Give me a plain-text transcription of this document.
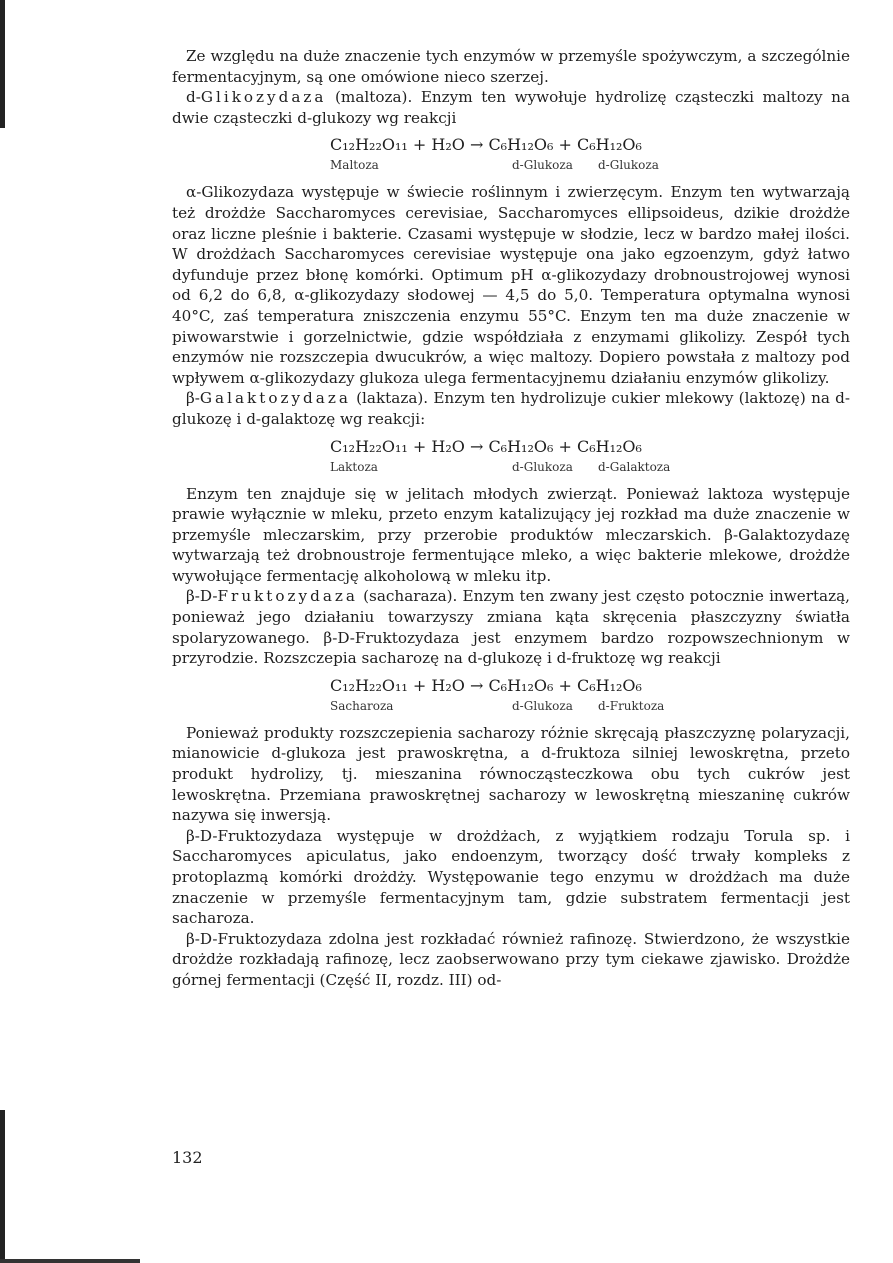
Ze względu na duże znaczenie tych enzymów w przemyśle spożywczym, a szczególnie fermentacyjnym, są one omówione nieco szerzej.

d-Glikozydaza (maltoza). Enzym ten wywołuje hydrolizę cząsteczki maltozy na dwie cząsteczki d-glukozy wg reakcji

C₁₂H₂₂O₁₁ + H₂O → C₆H₁₂O₆ + C₆H₁₂O₆
Maltoza	d-Glukoza d-Glukoza

α-Glikozydaza występuje w świecie roślinnym i zwierzęcym. Enzym ten wytwarzają też drożdże Saccharomyces cerevisiae, Saccharomyces ellipsoideus, dzikie drożdże oraz liczne pleśnie i bakterie. Czasami występuje w słodzie, lecz w bardzo małej ilości. W drożdżach Saccharomyces cerevisiae występuje ona jako egzoenzym, gdyż łatwo dyfunduje przez błonę komórki. Optimum pH α-glikozydazy drobnoustrojowej wynosi od 6,2 do 6,8, α-glikozydazy słodowej — 4,5 do 5,0. Temperatura optymalna wynosi 40°C, zaś temperatura zniszczenia enzymu 55°C. Enzym ten ma duże znaczenie w piwowarstwie i gorzelnictwie, gdzie współdziała z enzymami glikolizy. Zespół tych enzymów nie rozszczepia dwucukrów, a więc maltozy. Dopiero powstała z maltozy pod wpływem α-glikozydazy glukoza ulega fermentacyjnemu działaniu enzymów glikolizy.

β-Galaktozydaza (laktaza). Enzym ten hydrolizuje cukier mlekowy (laktozę) na d-glukozę i d-galaktozę wg reakcji:

C₁₂H₂₂O₁₁ + H₂O → C₆H₁₂O₆ + C₆H₁₂O₆
Laktoza	d-Glukoza d-Galaktoza

Enzym ten znajduje się w jelitach młodych zwierząt. Ponieważ laktoza występuje prawie wyłącznie w mleku, przeto enzym katalizujący jej rozkład ma duże znaczenie w przemyśle mleczarskim, przy przerobie produktów mleczarskich. β-Galaktozydazę wytwarzają też drobnoustroje fermentujące mleko, a więc bakterie mlekowe, drożdże wywołujące fermentację alkoholową w mleku itp.

β-D-Fruktozydaza (sacharaza). Enzym ten zwany jest często potocznie inwertazą, ponieważ jego działaniu towarzyszy zmiana kąta skręcenia płaszczyzny światła spolaryzowanego. β-D-Fruktozydaza jest enzymem bardzo rozpowszechnionym w przyrodzie. Rozszczepia sacharozę na d-glukozę i d-fruktozę wg reakcji

C₁₂H₂₂O₁₁ + H₂O → C₆H₁₂O₆ + C₆H₁₂O₆
Sacharoza	d-Glukoza d-Fruktoza

Ponieważ produkty rozszczepienia sacharozy różnie skręcają płaszczyznę polaryzacji, mianowicie d-glukoza jest prawoskrętna, a d-fruktoza silniej lewoskrętna, przeto produkt hydrolizy, tj. mieszanina równocząsteczkowa obu tych cukrów jest lewoskrętna. Przemiana prawoskrętnej sacharozy w lewoskrętną mieszaninę cukrów nazywa się inwersją.

β-D-Fruktozydaza występuje w drożdżach, z wyjątkiem rodzaju Torula sp. i Saccharomyces apiculatus, jako endoenzym, tworzący dość trwały kompleks z protoplazmą komórki drożdży. Występowanie tego enzymu w drożdżach ma duże znaczenie w przemyśle fermentacyjnym tam, gdzie substratem fermentacji jest sacharoza.

β-D-Fruktozydaza zdolna jest rozkładać również rafinozę. Stwierdzono, że wszystkie drożdże rozkładają rafinozę, lecz zaobserwowano przy tym ciekawe zjawisko. Drożdże górnej fermentacji (Część II, rozdz. III) od-

132
